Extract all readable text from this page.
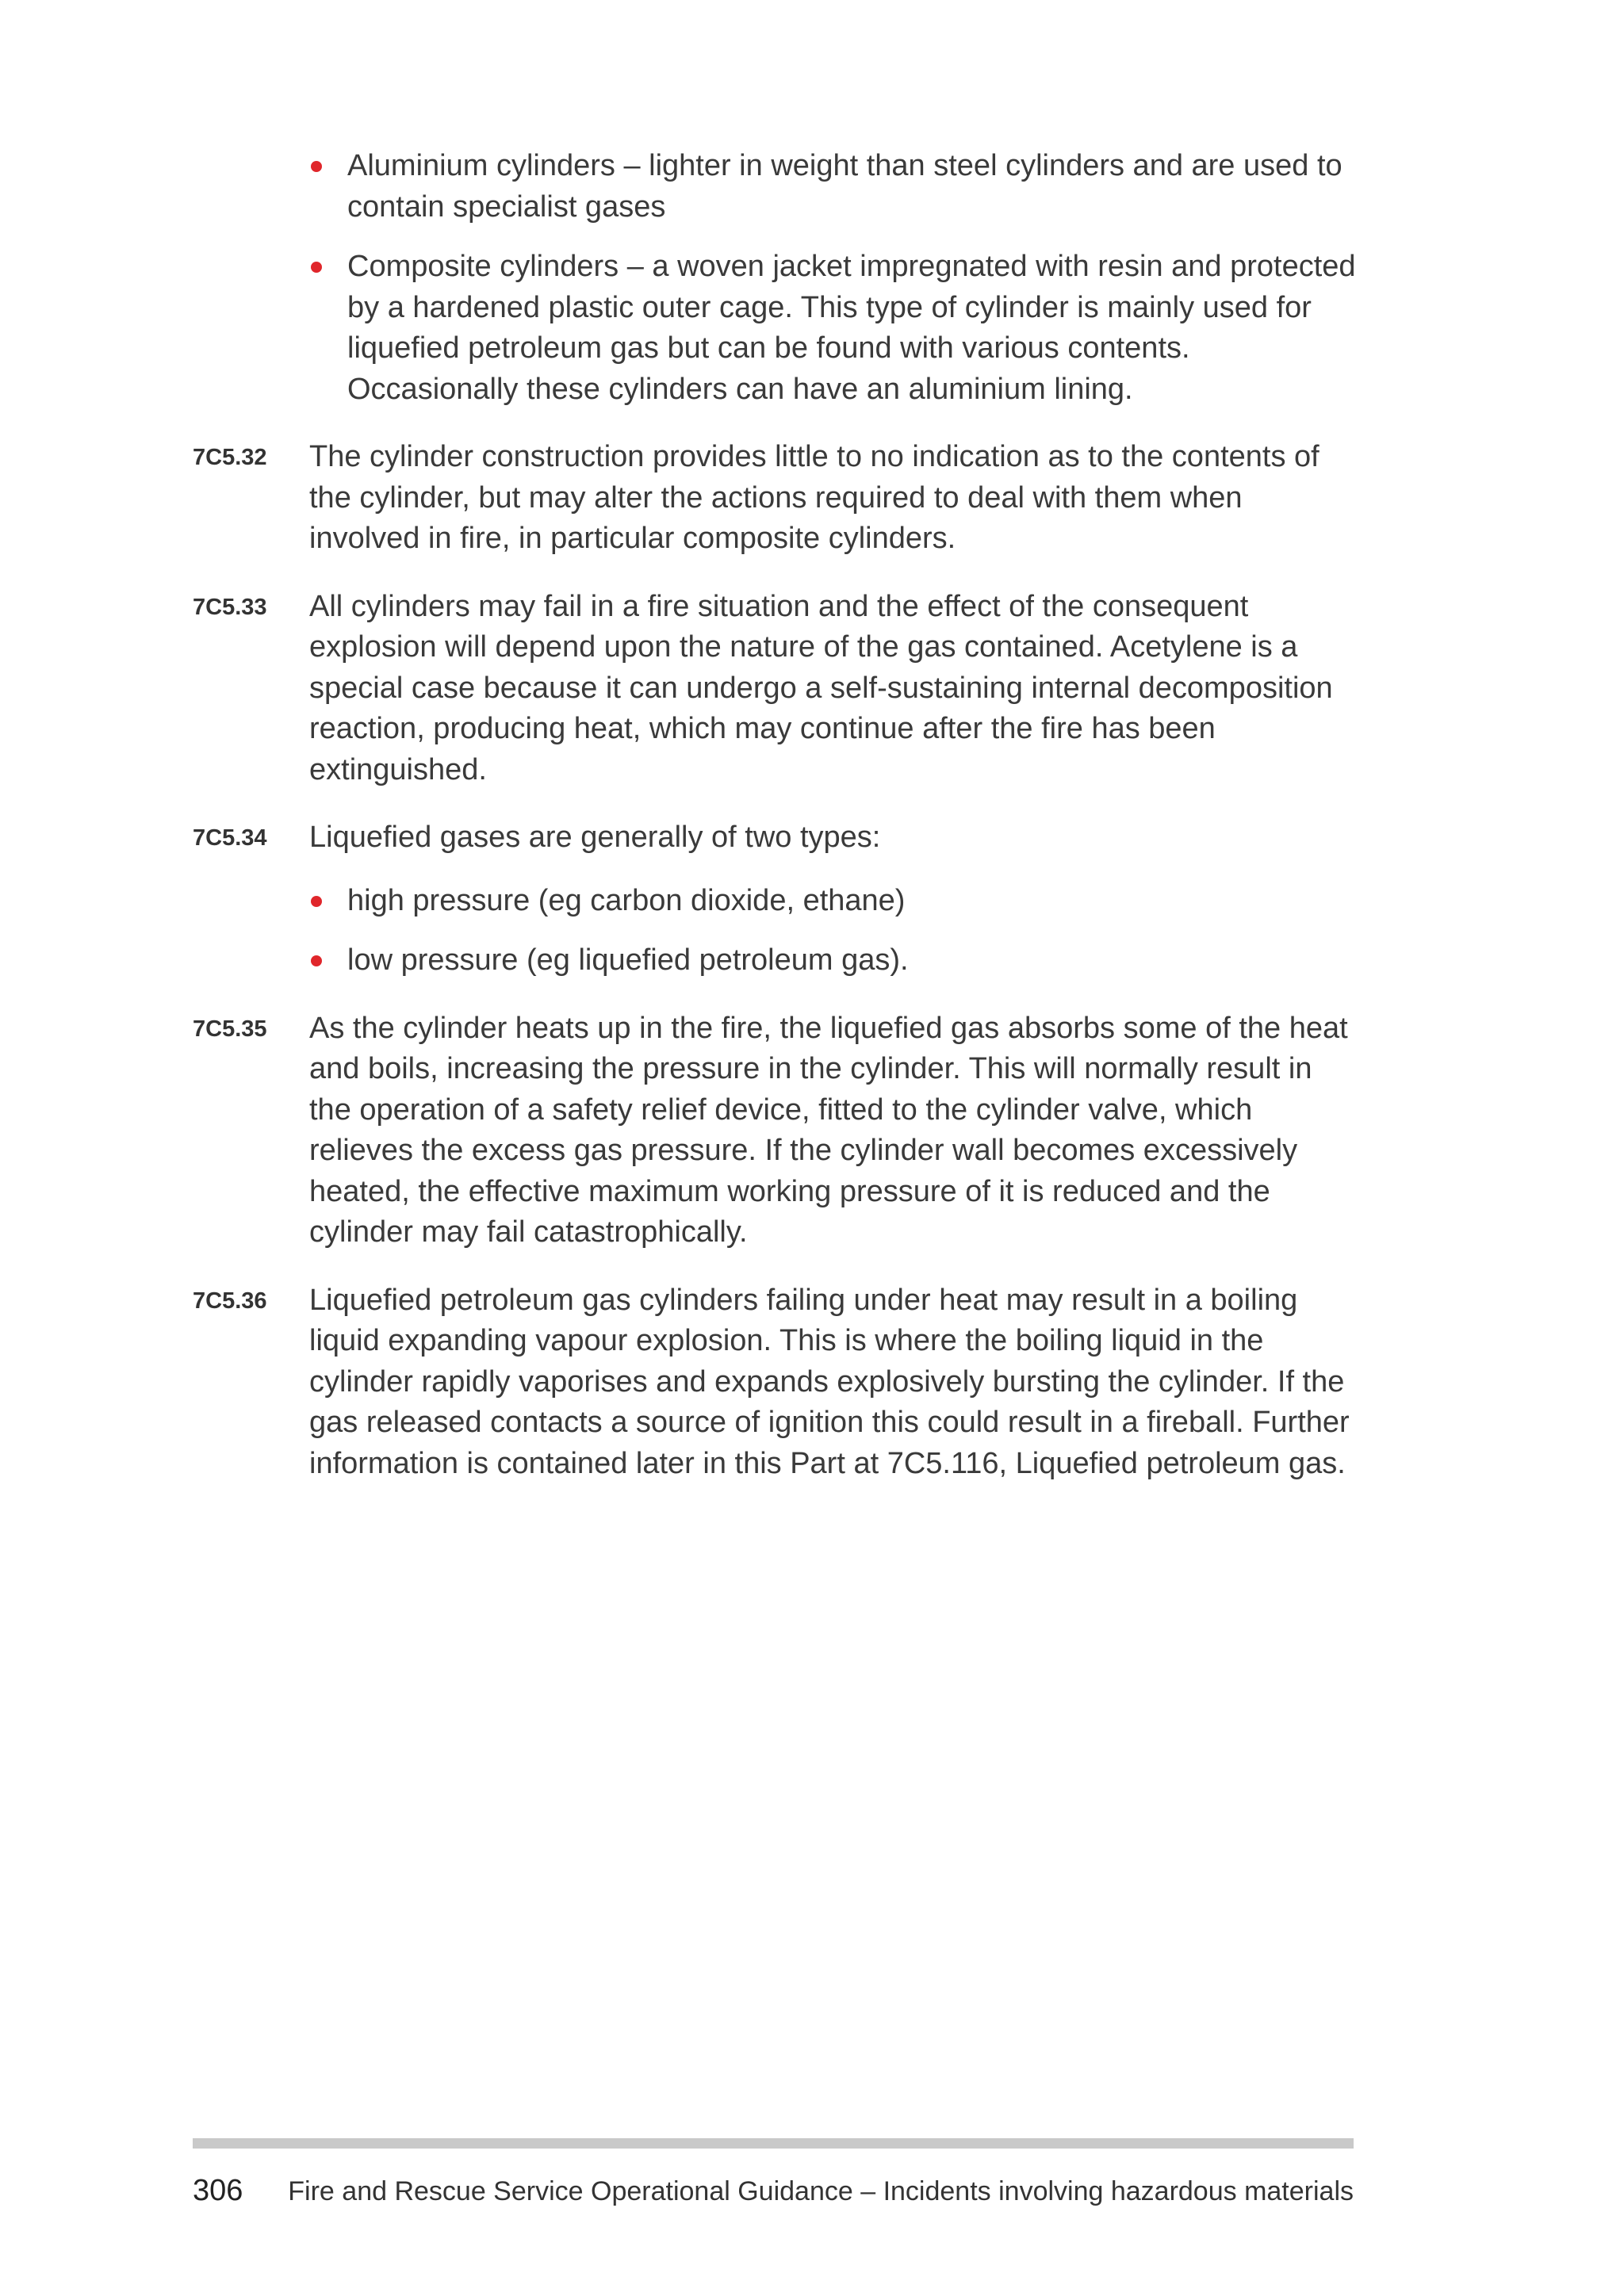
Aluminium cylinders – lighter in weight than steel cylinders and are used to contain specialist gases
Composite cylinders – a woven jacket impregnated with resin and protected by a hardened plastic outer cage. This type of cylinder is mainly used for liquefied petroleum gas but can be found with various contents. Occasionally these cylinders can have an aluminium lining.
7C5.32 The cylinder construction provides little to no indication as to the contents of the cylinder, but may alter the actions required to deal with them when involved in fire, in particular composite cylinders.
7C5.33 All cylinders may fail in a fire situation and the effect of the consequent explosion will depend upon the nature of the gas contained. Acetylene is a special case because it can undergo a self-sustaining internal decomposition reaction, producing heat, which may continue after the fire has been extinguished.
7C5.34 Liquefied gases are generally of two types:
high pressure (eg carbon dioxide, ethane)
low pressure (eg liquefied petroleum gas).
7C5.35 As the cylinder heats up in the fire, the liquefied gas absorbs some of the heat and boils, increasing the pressure in the cylinder. This will normally result in the operation of a safety relief device, fitted to the cylinder valve, which relieves the excess gas pressure. If the cylinder wall becomes excessively heated, the effective maximum working pressure of it is reduced and the cylinder may fail catastrophically.
7C5.36 Liquefied petroleum gas cylinders failing under heat may result in a boiling liquid expanding vapour explosion. This is where the boiling liquid in the cylinder rapidly vaporises and expands explosively bursting the cylinder. If the gas released contacts a source of ignition this could result in a fireball. Further information is contained later in this Part at 7C5.116, Liquefied petroleum gas.
306	Fire and Rescue Service Operational Guidance – Incidents involving hazardous materials
